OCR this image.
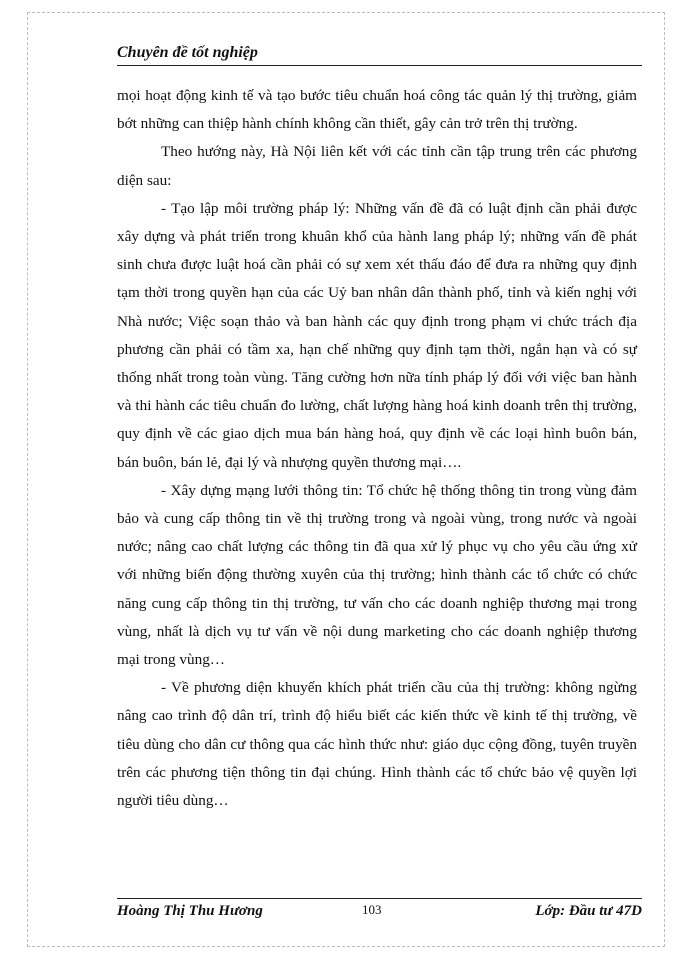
Chuyên đề tốt nghiệp

mọi hoạt động kinh tế và tạo bước tiêu chuẩn hoá công tác quản lý thị trường, giảm bớt những can thiệp hành chính không cần thiết, gây cản trở trên thị trường.

Theo hướng này, Hà Nội liên kết với các tỉnh cần tập trung trên các phương diện sau:

- Tạo lập môi trường pháp lý: Những vấn đề đã có luật định cần phải được xây dựng và phát triển trong khuân khổ của hành lang pháp lý; những vấn đề phát sinh chưa được luật hoá cần phải có sự xem xét thấu đáo để đưa ra những quy định tạm thời trong quyền hạn của các Uỷ ban nhân dân thành phố, tỉnh và kiến nghị với Nhà nước; Việc soạn thảo và ban hành các quy định trong phạm vi chức trách địa phương cần phải có tầm xa, hạn chế những quy định tạm thời, ngắn hạn và có sự thống nhất trong toàn vùng. Tăng cường hơn nữa tính pháp lý đối với việc ban hành và thi hành các tiêu chuẩn đo lường, chất lượng hàng hoá kinh doanh trên thị trường, quy định về các giao dịch mua bán hàng hoá, quy định về các loại hình buôn bán, bán buôn, bán lẻ, đại lý và nhượng quyền thương mại….

- Xây dựng mạng lưới thông tin: Tổ chức hệ thống thông tin trong vùng đảm bảo và cung cấp thông tin về thị trường trong và ngoài vùng, trong nước và ngoài nước; nâng cao chất lượng các thông tin đã qua xử lý phục vụ cho yêu cầu ứng xử với những biến động thường xuyên của thị trường; hình thành các tổ chức có chức năng cung cấp thông tin thị trường, tư vấn cho các doanh nghiệp thương mại trong vùng, nhất là dịch vụ tư vấn về nội dung marketing cho các doanh nghiệp thương mại trong vùng…

- Về phương diện khuyến khích phát triển cầu của thị trường: không ngừng nâng cao trình độ dân trí, trình độ hiểu biết các kiến thức về kinh tế thị trường, về tiêu dùng cho dân cư thông qua các hình thức như: giáo dục cộng đồng, tuyên truyền trên các phương tiện thông tin đại chúng. Hình thành các tổ chức bảo vệ quyền lợi người tiêu dùng…

Hoàng Thị Thu Hương	103	Lớp: Đầu tư 47D
